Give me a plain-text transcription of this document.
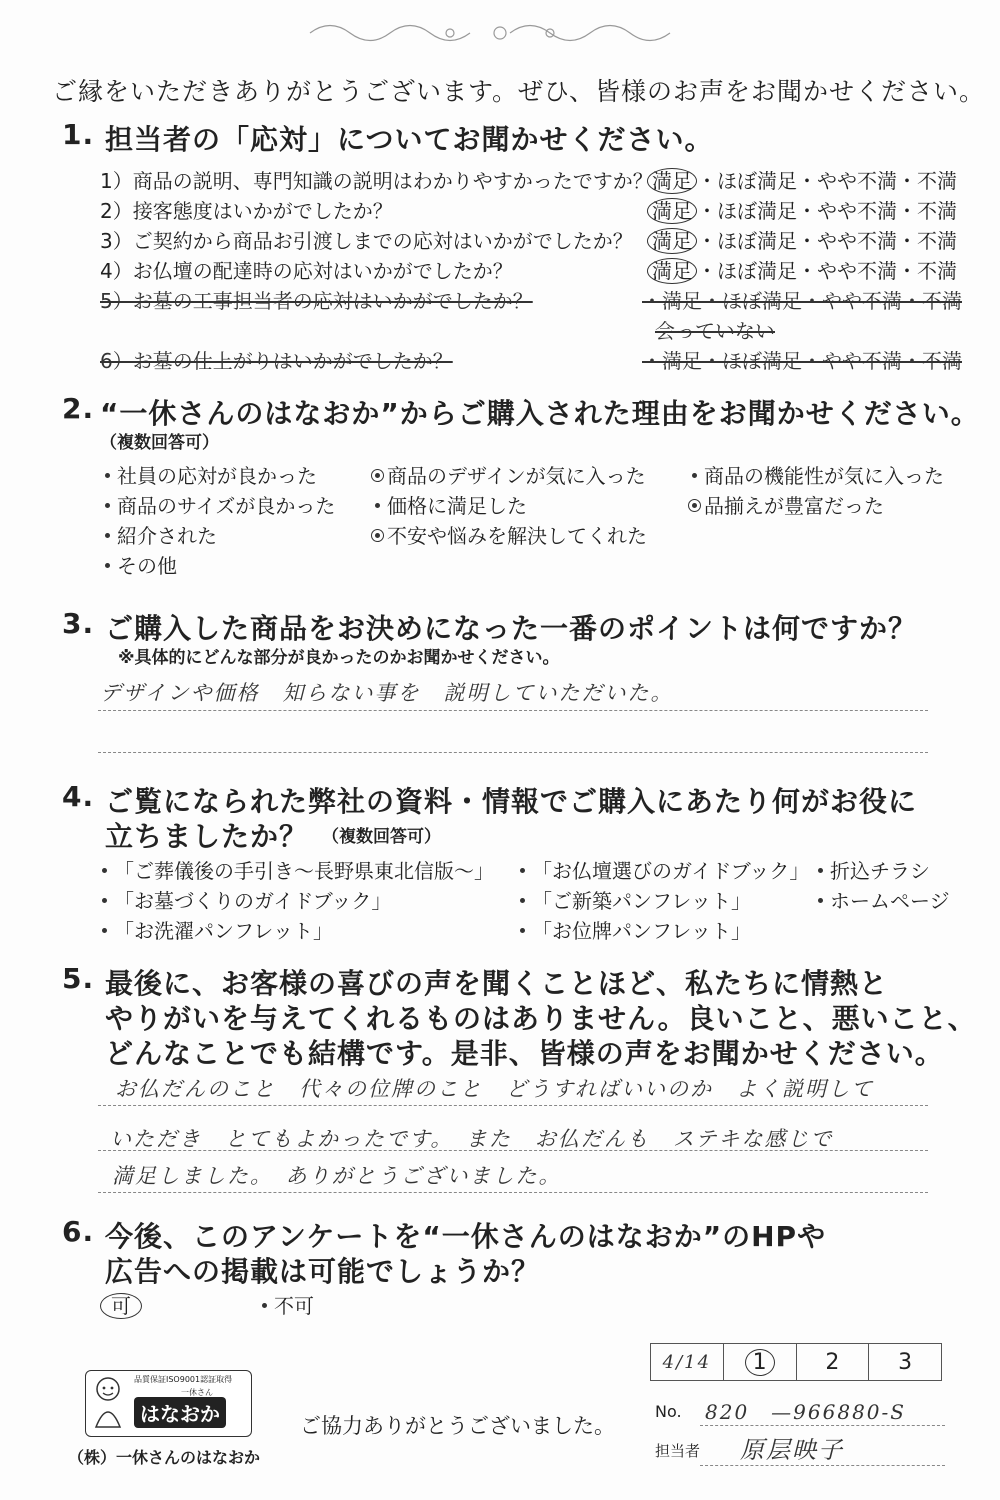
ご縁をいただきありがとうございます。ぜひ、皆様のお声をお聞かせください。
1. 担当者の「応対」についてお聞かせください。
1）商品の説明、専門知識の説明はわかりやすかったですか？ 満足 ・ほぼ満足・やや不満・不満
2）接客態度はいかがでしたか？	満足 ・ほぼ満足・やや不満・不満
3）ご契約から商品お引渡しまでの応対はいかがでしたか？ 満足 ・ほぼ満足・やや不満・不満
4）お仏壇の配達時の応対はいかがでしたか？	満足 ・ほぼ満足・やや不満・不満
5）お墓の工事担当者の応対はいかがでしたか？	・満足・ほぼ満足・やや不満・不満
会っていない
6）お墓の仕上がりはいかがでしたか？	・満足・ほぼ満足・やや不満・不満
2. “一休さんのはなおか”からご購入された理由をお聞かせください。
（複数回答可）
社員の応対が良かった	商品のデザインが気に入った	商品の機能性が気に入った
商品のサイズが良かった	価格に満足した	品揃えが豊富だった
紹介された	不安や悩みを解決してくれた
その他
3. ご購入した商品をお決めになった一番のポイントは何ですか？
※具体的にどんな部分が良かったのかお聞かせください。
デザインや価格　知らない事を　説明していただいた。
4. ご覧になられた弊社の資料・情報でご購入にあたり何がお役に
立ちましたか？ （複数回答可）
「ご葬儀後の手引き〜長野県東北信版〜」	「お仏壇選びのガイドブック」	折込チラシ
「お墓づくりのガイドブック」	「ご新築パンフレット」	ホームページ
「お洗濯パンフレット」	「お位牌パンフレット」
5. 最後に、お客様の喜びの声を聞くことほど、私たちに情熱と
やりがいを与えてくれるものはありません。良いこと、悪いこと、
どんなことでも結構です。是非、皆様の声をお聞かせください。
お仏だんのこと　代々の位牌のこと　どうすればいいのか　よく説明して
いただき　とてもよかったです。　また　お仏だんも　ステキな感じで
満足しました。　ありがとうございました。
6. 今後、このアンケートを“一休さんのはなおか”のHPや
広告への掲載は可能でしょうか？
可	不可
4/14	1	2	3
No. 820　—966880-S
担当者 原层映子
ご協力ありがとうございました。
品質保証ISO9001認証取得
一休さん
はなおか
（株）一休さんのはなおか
